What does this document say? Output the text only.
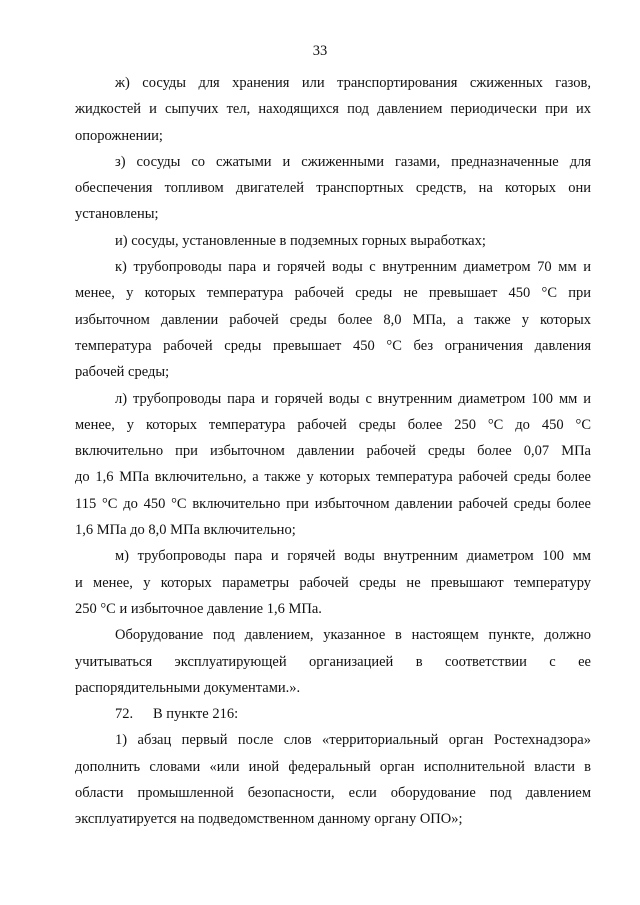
33

ж) сосуды для хранения или транспортирования сжиженных газов,
жидкостей и сыпучих тел, находящихся под давлением периодически при их
опорожнении;

з) сосуды со сжатыми и сжиженными газами, предназначенные для
обеспечения топливом двигателей транспортных средств, на которых они
установлены;

и) сосуды, установленные в подземных горных выработках;

к) трубопроводы пара и горячей воды с внутренним диаметром 70 мм и
менее, у которых температура рабочей среды не превышает 450 °С при
избыточном давлении рабочей среды более 8,0 МПа, а также у которых
температура рабочей среды превышает 450 °С без ограничения давления
рабочей среды;

л) трубопроводы пара и горячей воды с внутренним диаметром 100 мм и
менее, у которых температура рабочей среды более 250 °С до 450 °С
включительно при избыточном давлении рабочей среды более 0,07 МПа
до 1,6 МПа включительно, а также у которых температура рабочей среды более
115 °С до 450 °С включительно при избыточном давлении рабочей среды более
1,6 МПа до 8,0 МПа включительно;

м) трубопроводы пара и горячей воды внутренним диаметром 100 мм
и менее, у которых параметры рабочей среды не превышают температуру
250 °С и избыточное давление 1,6 МПа.

Оборудование под давлением, указанное в настоящем пункте, должно
учитываться эксплуатирующей организацией в соответствии с ее
распорядительными документами.».

72. В пункте 216:

1) абзац первый после слов «территориальный орган Ростехнадзора»
дополнить словами «или иной федеральный орган исполнительной власти в
области промышленной безопасности, если оборудование под давлением
эксплуатируется на подведомственном данному органу ОПО»;
